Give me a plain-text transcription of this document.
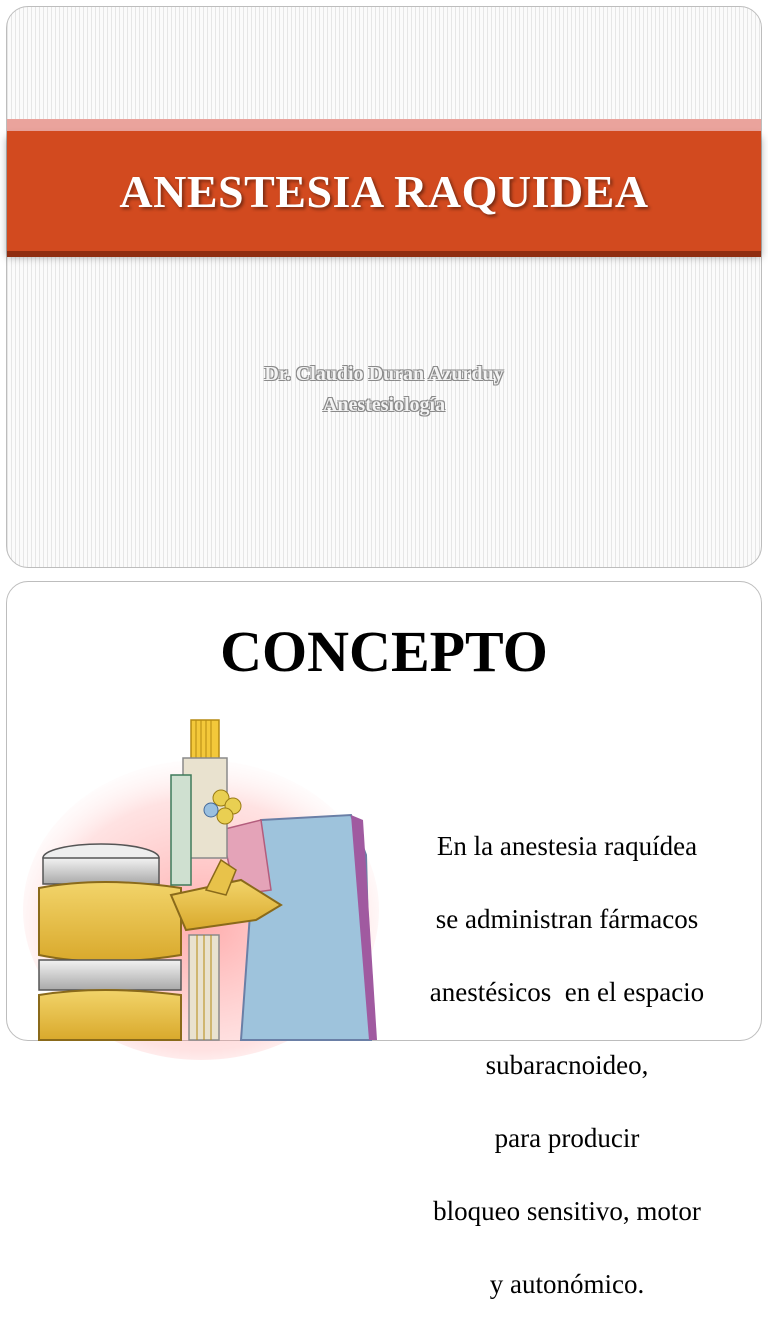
ANESTESIA RAQUIDEA
Dr. Claudio Duran Azurduy
Anestesiología
CONCEPTO

En la anestesia raquídea

se administran fármacos

anestésicos  en el espacio

subaracnoideo,

para producir

bloqueo sensitivo, motor

y autonómico.
